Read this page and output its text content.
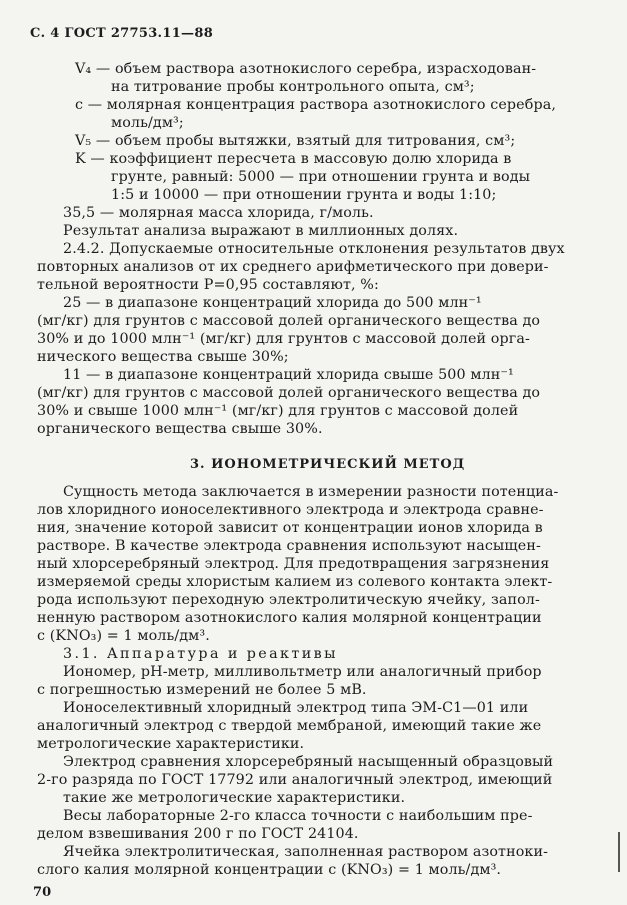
С. 4 ГОСТ 27753.11—88
V₄ — объем раствора азотнокислого серебра, израсходован-
на титрование пробы контрольного опыта, см³;
c — молярная концентрация раствора азотнокислого серебра,
моль/дм³;
V₅ — объем пробы вытяжки, взятый для титрования, см³;
K — коэффициент пересчета в массовую долю хлорида в
грунте, равный: 5000 — при отношении грунта и воды
1:5 и 10000 — при отношении грунта и воды 1:10;
35,5 — молярная масса хлорида, г/моль.
Результат анализа выражают в миллионных долях.
2.4.2. Допускаемые относительные отклонения результатов двух
повторных анализов от их среднего арифметического при довери-
тельной вероятности P=0,95 составляют, %:
25 — в диапазоне концентраций хлорида до 500 млн⁻¹
(мг/кг) для грунтов с массовой долей органического вещества до
30% и до 1000 млн⁻¹ (мг/кг) для грунтов с массовой долей орга-
нического вещества свыше 30%;
11 — в диапазоне концентраций хлорида свыше 500 млн⁻¹
(мг/кг) для грунтов с массовой долей органического вещества до
30% и свыше 1000 млн⁻¹ (мг/кг) для грунтов с массовой долей
органического вещества свыше 30%.
3. ИОНОМЕТРИЧЕСКИЙ МЕТОД
Сущность метода заключается в измерении разности потенциа-
лов хлоридного ионоселективного электрода и электрода сравне-
ния, значение которой зависит от концентрации ионов хлорида в
растворе. В качестве электрода сравнения используют насыщен-
ный хлорсеребряный электрод. Для предотвращения загрязнения
измеряемой среды хлористым калием из солевого контакта элект-
рода используют переходную электролитическую ячейку, запол-
ненную раствором азотнокислого калия молярной концентрации
c (KNO₃) = 1 моль/дм³.
3.1. Аппаратура и реактивы
Иономер, pH-метр, милливольтметр или аналогичный прибор
с погрешностью измерений не более 5 мВ.
Ионоселективный хлоридный электрод типа ЭМ-C1—01 или
аналогичный электрод с твердой мембраной, имеющий такие же
метрологические характеристики.
Электрод сравнения хлорсеребряный насыщенный образцовый
2-го разряда по ГОСТ 17792 или аналогичный электрод, имеющий
такие же метрологические характеристики.
Весы лабораторные 2-го класса точности с наибольшим пре-
делом взвешивания 200 г по ГОСТ 24104.
Ячейка электролитическая, заполненная раствором азотноки-
слого калия молярной концентрации c (KNO₃) = 1 моль/дм³.
70
